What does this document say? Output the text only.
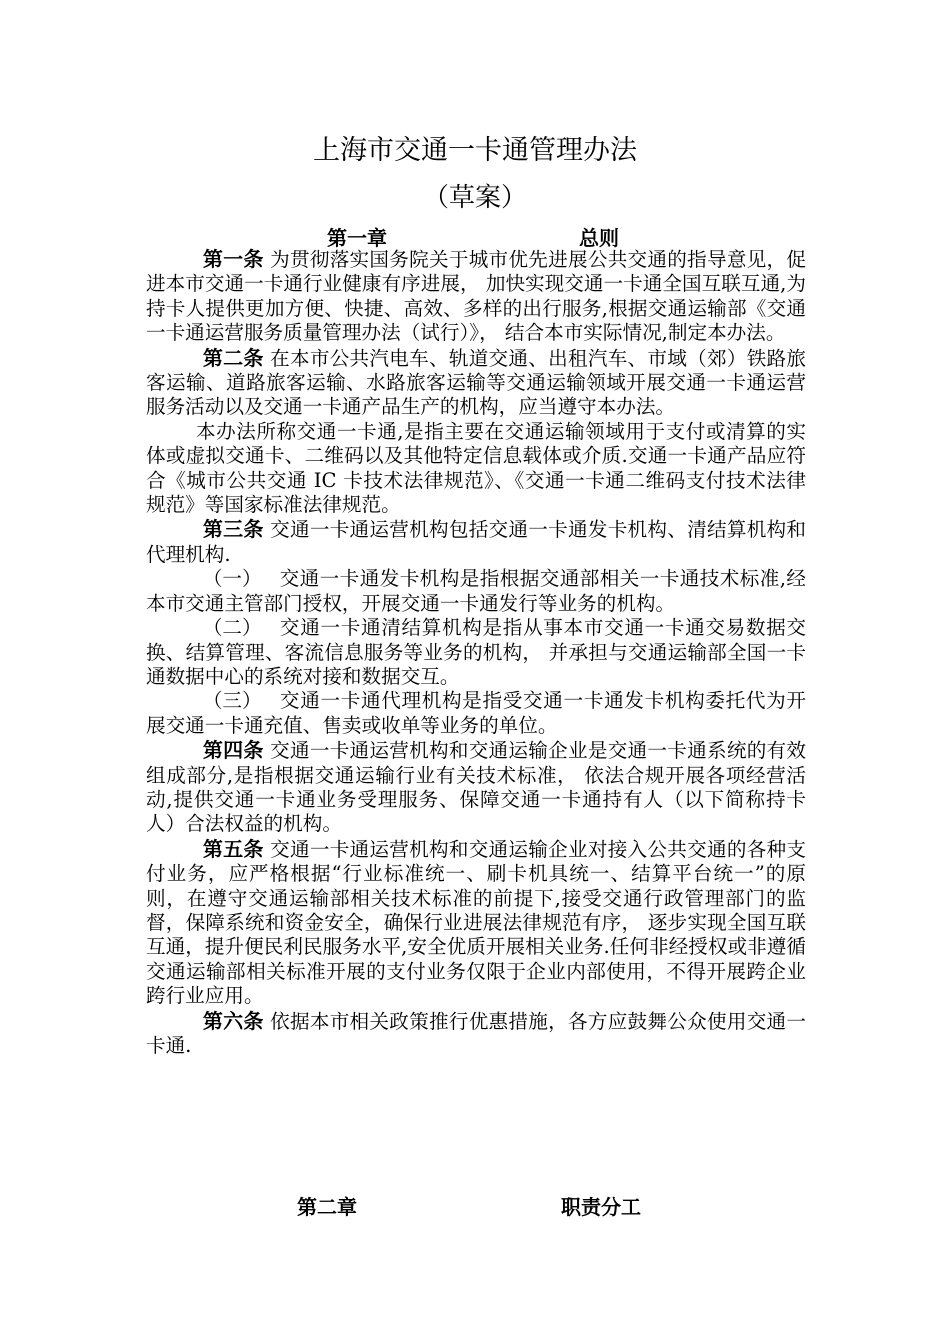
上海市交通一卡通管理办法
（草案）
第一章	总则

第一条 为贯彻落实国务院关于城市优先进展公共交通的指导意见，促进本市交通一卡通行业健康有序进展， 加快实现交通一卡通全国互联互通,为持卡人提供更加方便、快捷、高效、多样的出行服务,根据交通运输部《交通一卡通运营服务质量管理办法（试行）》， 结合本市实际情况,制定本办法。

第二条 在本市公共汽电车、轨道交通、出租汽车、市域（郊）铁路旅客运输、道路旅客运输、水路旅客运输等交通运输领域开展交通一卡通运营服务活动以及交通一卡通产品生产的机构，应当遵守本办法。

本办法所称交通一卡通,是指主要在交通运输领域用于支付或清算的实体或虚拟交通卡、二维码以及其他特定信息载体或介质.交通一卡通产品应符合《城市公共交通 IC 卡技术法律规范》、《交通一卡通二维码支付技术法律规范》等国家标准法律规范。

第三条 交通一卡通运营机构包括交通一卡通发卡机构、清结算机构和代理机构.

（一） 交通一卡通发卡机构是指根据交通部相关一卡通技术标准,经本市交通主管部门授权，开展交通一卡通发行等业务的机构。

（二） 交通一卡通清结算机构是指从事本市交通一卡通交易数据交换、结算管理、客流信息服务等业务的机构， 并承担与交通运输部全国一卡通数据中心的系统对接和数据交互。

（三） 交通一卡通代理机构是指受交通一卡通发卡机构委托代为开展交通一卡通充值、售卖或收单等业务的单位。

第四条 交通一卡通运营机构和交通运输企业是交通一卡通系统的有效组成部分,是指根据交通运输行业有关技术标准， 依法合规开展各项经营活动,提供交通一卡通业务受理服务、保障交通一卡通持有人（以下简称持卡人）合法权益的机构。

第五条 交通一卡通运营机构和交通运输企业对接入公共交通的各种支付业务，应严格根据“行业标准统一、刷卡机具统一、结算平台统一”的原则，在遵守交通运输部相关技术标准的前提下,接受交通行政管理部门的监督，保障系统和资金安全，确保行业进展法律规范有序， 逐步实现全国互联互通，提升便民利民服务水平,安全优质开展相关业务.任何非经授权或非遵循交通运输部相关标准开展的支付业务仅限于企业内部使用，不得开展跨企业跨行业应用。

第六条 依据本市相关政策推行优惠措施，各方应鼓舞公众使用交通一卡通.

第二章	职责分工
